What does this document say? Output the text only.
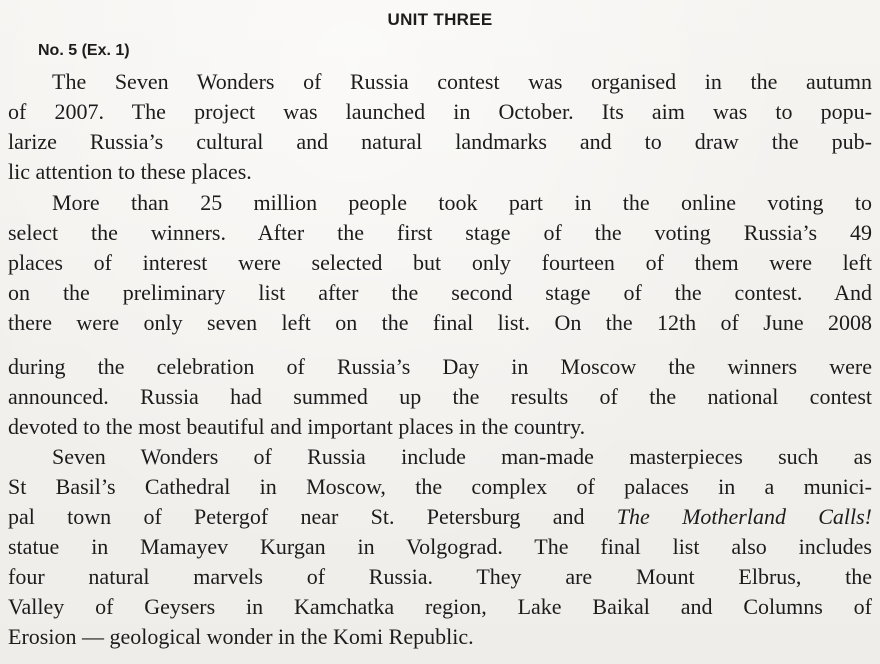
UNIT THREE
No. 5 (Ex. 1)

The Seven Wonders of Russia contest was organised in the autumn

of 2007. The project was launched in October. Its aim was to popu-

larize Russia’s cultural and natural landmarks and to draw the pub-

lic attention to these places.

More than 25 million people took part in the online voting to

select the winners. After the first stage of the voting Russia’s 49

places of interest were selected but only fourteen of them were left

on the preliminary list after the second stage of the contest. And

there were only seven left on the final list. On the 12th of June 2008

during the celebration of Russia’s Day in Moscow the winners were

announced. Russia had summed up the results of the national contest

devoted to the most beautiful and important places in the country.

Seven Wonders of Russia include man-made masterpieces such as

St Basil’s Cathedral in Moscow, the complex of palaces in a munici-

pal town of Petergof near St. Petersburg and The Motherland Calls!

statue in Mamayev Kurgan in Volgograd. The final list also includes

four natural marvels of Russia. They are Mount Elbrus, the

Valley of Geysers in Kamchatka region, Lake Baikal and Columns of

Erosion — geological wonder in the Komi Republic.
